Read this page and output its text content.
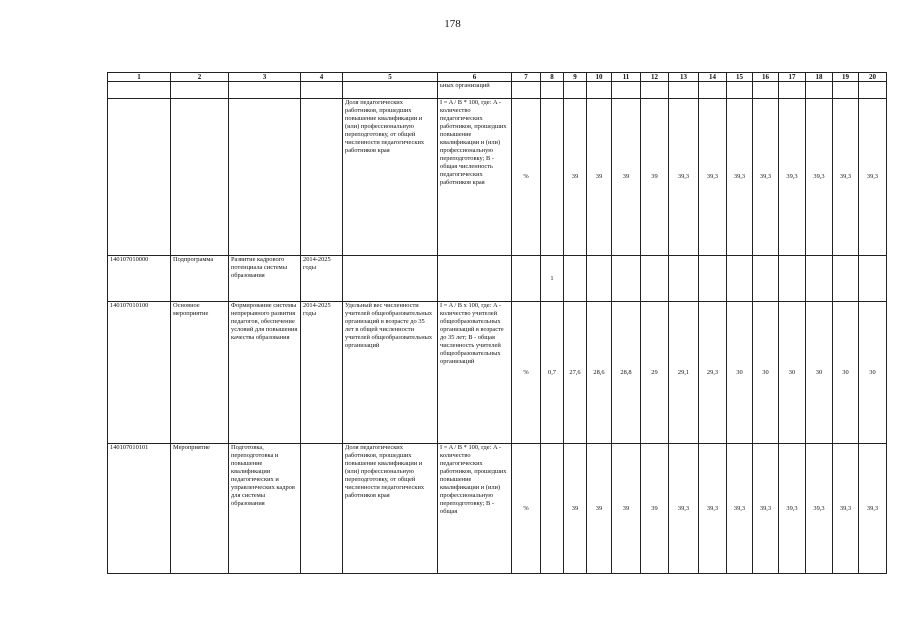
178
1	2	3	4	5	6	7	8	9	10	11	12	13	14	15	16	17	18	19	20
					ьных организаций														
				Доля педагогических работников, прошедших повышение квалификации и (или) профессиональную переподготовку, от общей численности педагогических работников края	I = A / B * 100, где: A - количество педагогических работников, прошедших повышение квалификации и (или) профессиональную переподготовку; B - общая численность педагогических работников края	%		39	39	39	39	39,3	39,3	39,3	39,3	39,3	39,3	39,3	39,3
140107010000	Подпрограмма	Развитие кадрового потенциала системы образования	2014-2025 годы				1												
140107010100	Основное мероприятие	Формирование системы непрерывного развития педагогов, обеспечение условий для повышения качества образования	2014-2025 годы	Удельный вес численности учителей общеобразовательных организаций в возрасте до 35 лет в общей численности учителей общеобразовательных организаций	I = A / B x 100, где: A - количество учителей общеобразовательных организаций в возрасте до 35 лет; B - общая численность учителей общеобразовательных организаций	%	0,7	27,6	28,6	28,8	29	29,1	29,3	30	30	30	30	30	30
140107010101	Мероприятие	Подготовка, переподготовка и повышение квалификации педагогических и управленческих кадров для системы образования		Доля педагогических работников, прошедших повышение квалификации и (или) профессиональную переподготовку, от общей численности педагогических работников края	I = A / B * 100, где: A - количество педагогических работников, прошедших повышение квалификации и (или) профессиональную переподготовку; B - общая	%		39	39	39	39	39,3	39,3	39,3	39,3	39,3	39,3	39,3	39,3
